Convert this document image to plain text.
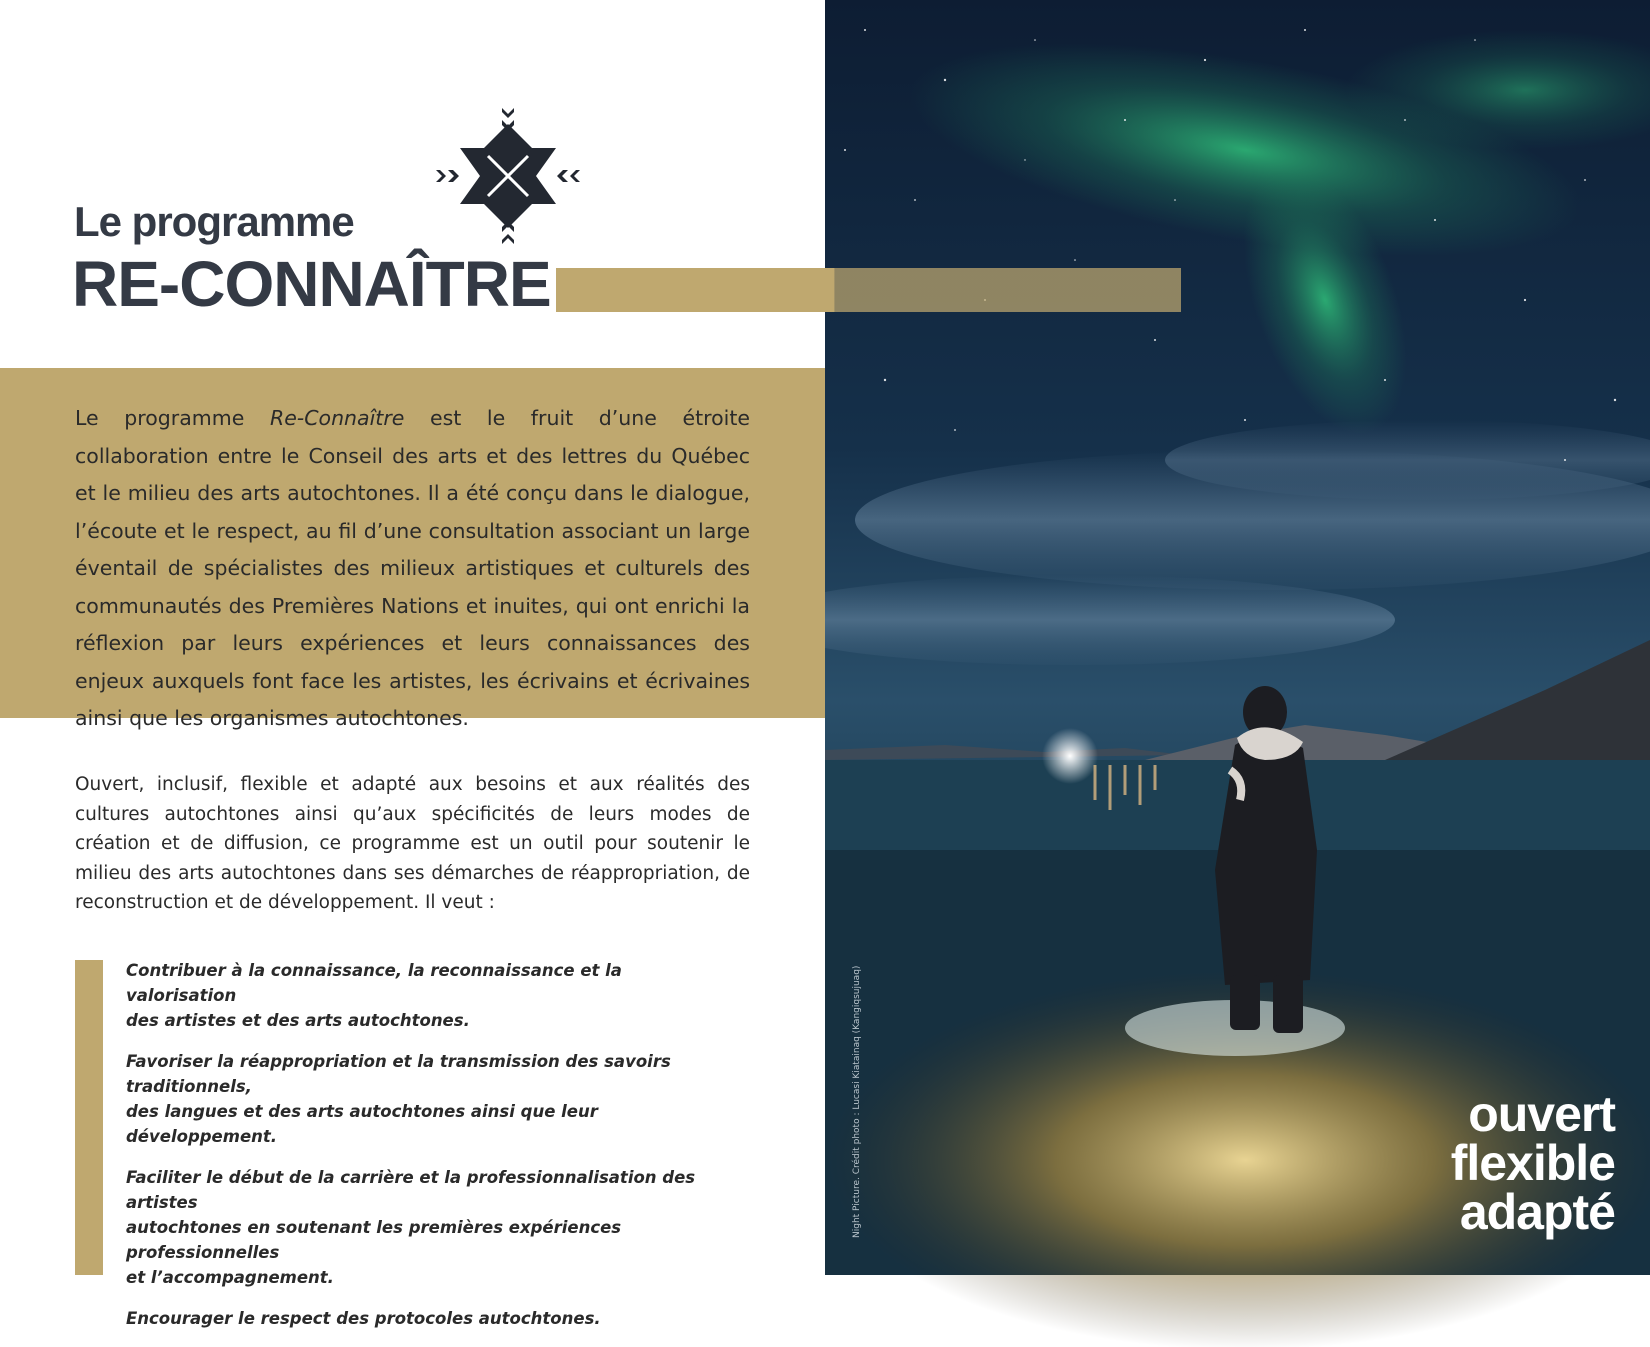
Le programme
RE-CONNAÎTRE

Le programme Re-Connaître est le fruit d’une étroite collaboration entre le Conseil des arts et des lettres du Québec et le milieu des arts autochtones. Il a été conçu dans le dialogue, l’écoute et le respect, au fil d’une consultation associant un large éventail de spécialistes des milieux artistiques et culturels des communautés des Premières Nations et inuites, qui ont enrichi la réflexion par leurs expériences et leurs connaissances des enjeux auxquels font face les artistes, les écrivains et écrivaines ainsi que les organismes autochtones.

Ouvert, inclusif, flexible et adapté aux besoins et aux réalités des cultures autochtones ainsi qu’aux spécificités de leurs modes de création et de diffusion, ce programme est un outil pour soutenir le milieu des arts autochtones dans ses démarches de réappropriation, de reconstruction et de développement. Il veut :

Contribuer à la connaissance, la reconnaissance et la valorisation
des artistes et des arts autochtones.
Favoriser la réappropriation et la transmission des savoirs traditionnels,
des langues et des arts autochtones ainsi que leur développement.
Faciliter le début de la carrière et la professionnalisation des artistes
autochtones en soutenant les premières expériences professionnelles
et l’accompagnement.
Encourager le respect des protocoles autochtones.
Night Picture. Crédit photo : Lucasi Kiatainaq (Kangiqsujuaq)	ouvert
flexible
adapté
